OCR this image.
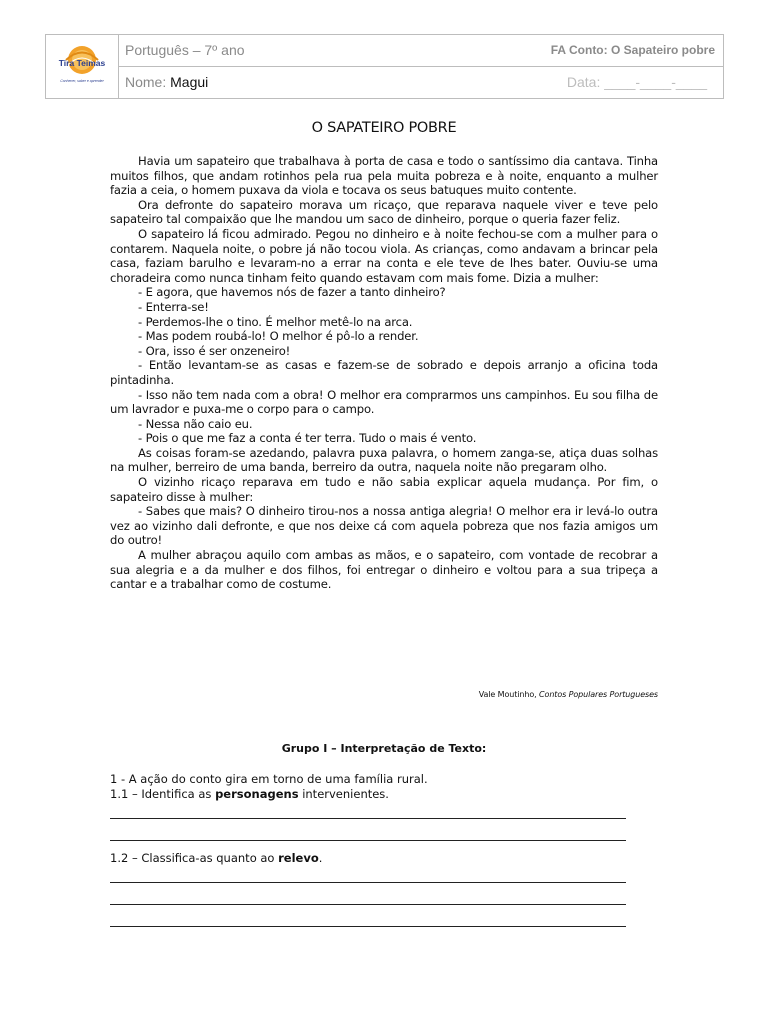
Tira Teimas
Conhecer, saber e aprender
Português – 7º ano	FA Conto: O Sapateiro pobre
Nome: Magui	Data: ____-____-____
O SAPATEIRO POBRE

Havia um sapateiro que trabalhava à porta de casa e todo o santíssimo dia cantava. Tinha muitos filhos, que andam rotinhos pela rua pela muita pobreza e à noite, enquanto a mulher fazia a ceia, o homem puxava da viola e tocava os seus batuques muito contente.

Ora defronte do sapateiro morava um ricaço, que reparava naquele viver e teve pelo sapateiro tal compaixão que lhe mandou um saco de dinheiro, porque o queria fazer feliz.

O sapateiro lá ficou admirado. Pegou no dinheiro e à noite fechou-se com a mulher para o contarem. Naquela noite, o pobre já não tocou viola. As crianças, como andavam a brincar pela casa, faziam barulho e levaram-no a errar na conta e ele teve de lhes bater. Ouviu-se uma choradeira como nunca tinham feito quando estavam com mais fome. Dizia a mulher:

- E agora, que havemos nós de fazer a tanto dinheiro?

- Enterra-se!

- Perdemos-lhe o tino. É melhor metê-lo na arca.

- Mas podem roubá-lo! O melhor é pô-lo a render.

- Ora, isso é ser onzeneiro!

- Então levantam-se as casas e fazem-se de sobrado e depois arranjo a oficina toda pintadinha.

- Isso não tem nada com a obra! O melhor era comprarmos uns campinhos. Eu sou filha de um lavrador e puxa-me o corpo para o campo.

- Nessa não caio eu.

- Pois o que me faz a conta é ter terra. Tudo o mais é vento.

As coisas foram-se azedando, palavra puxa palavra, o homem zanga-se, atiça duas solhas na mulher, berreiro de uma banda, berreiro da outra, naquela noite não pregaram olho.

O vizinho ricaço reparava em tudo e não sabia explicar aquela mudança. Por fim, o sapateiro disse à mulher:

- Sabes que mais? O dinheiro tirou-nos a nossa antiga alegria! O melhor era ir levá-lo outra vez ao vizinho dali defronte, e que nos deixe cá com aquela pobreza que nos fazia amigos um do outro!

A mulher abraçou aquilo com ambas as mãos, e o sapateiro, com vontade de recobrar a sua alegria e a da mulher e dos filhos, foi entregar o dinheiro e voltou para a sua tripeça a cantar e a trabalhar como de costume.

Vale Moutinho, Contos Populares Portugueses
Grupo I – Interpretação de Texto:

1 - A ação do conto gira em torno de uma família rural.

1.1 – Identifica as personagens intervenientes.

1.2 – Classifica-as quanto ao relevo.
